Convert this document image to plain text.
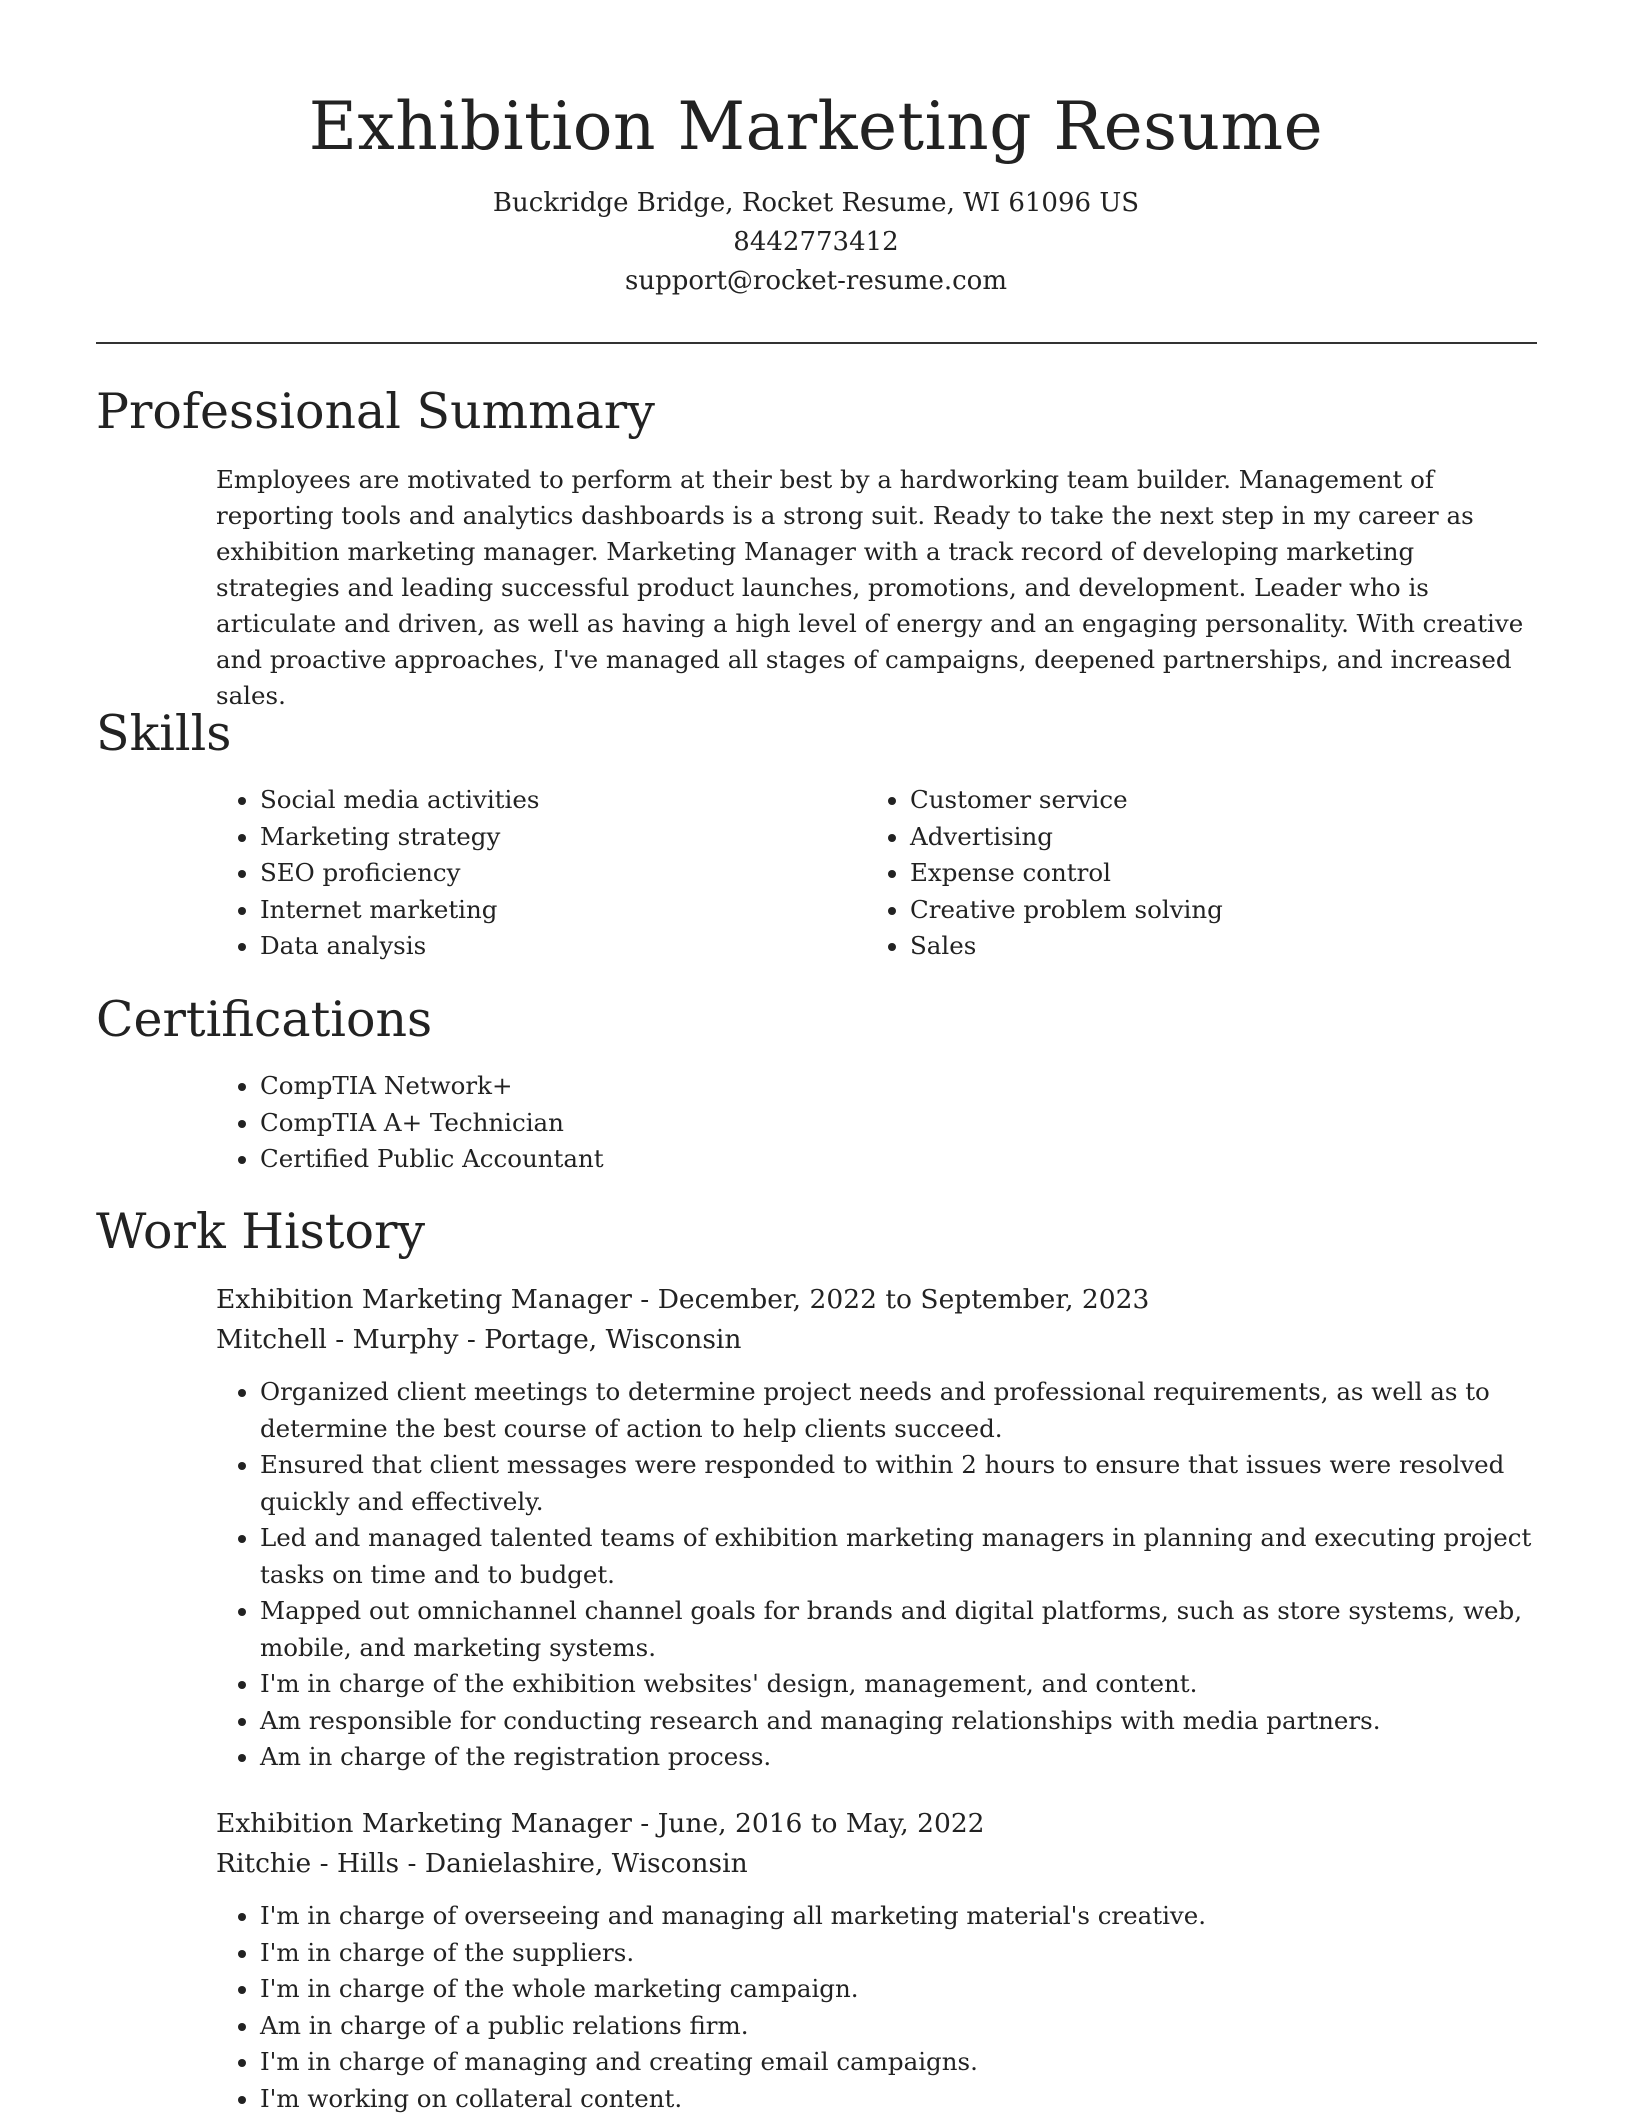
Exhibition Marketing Resume

Buckridge Bridge, Rocket Resume, WI 61096 US

8442773412

support@rocket-resume.com

Professional Summary

Employees are motivated to perform at their best by a hardworking team builder. Management of reporting tools and analytics dashboards is a strong suit. Ready to take the next step in my career as exhibition marketing manager. Marketing Manager with a track record of developing marketing strategies and leading successful product launches, promotions, and development. Leader who is articulate and driven, as well as having a high level of energy and an engaging personality. With creative and proactive approaches, I've managed all stages of campaigns, deepened partnerships, and increased sales.

Skills
• Social media activities
• Marketing strategy
• SEO proficiency
• Internet marketing
• Data analysis
• Customer service
• Advertising
• Expense control
• Creative problem solving
• Sales
Certifications
• CompTIA Network+
• CompTIA A+ Technician
• Certified Public Accountant
Work History

Exhibition Marketing Manager - December, 2022 to September, 2023

Mitchell - Murphy - Portage, Wisconsin

• Organized client meetings to determine project needs and professional requirements, as well as to determine the best course of action to help clients succeed.
• Ensured that client messages were responded to within 2 hours to ensure that issues were resolved quickly and effectively.
• Led and managed talented teams of exhibition marketing managers in planning and executing project tasks on time and to budget.
• Mapped out omnichannel channel goals for brands and digital platforms, such as store systems, web, mobile, and marketing systems.
• I'm in charge of the exhibition websites' design, management, and content.
• Am responsible for conducting research and managing relationships with media partners.
• Am in charge of the registration process.

Exhibition Marketing Manager - June, 2016 to May, 2022

Ritchie - Hills - Danielashire, Wisconsin

• I'm in charge of overseeing and managing all marketing material's creative.
• I'm in charge of the suppliers.
• I'm in charge of the whole marketing campaign.
• Am in charge of a public relations firm.
• I'm in charge of managing and creating email campaigns.
• I'm working on collateral content.
